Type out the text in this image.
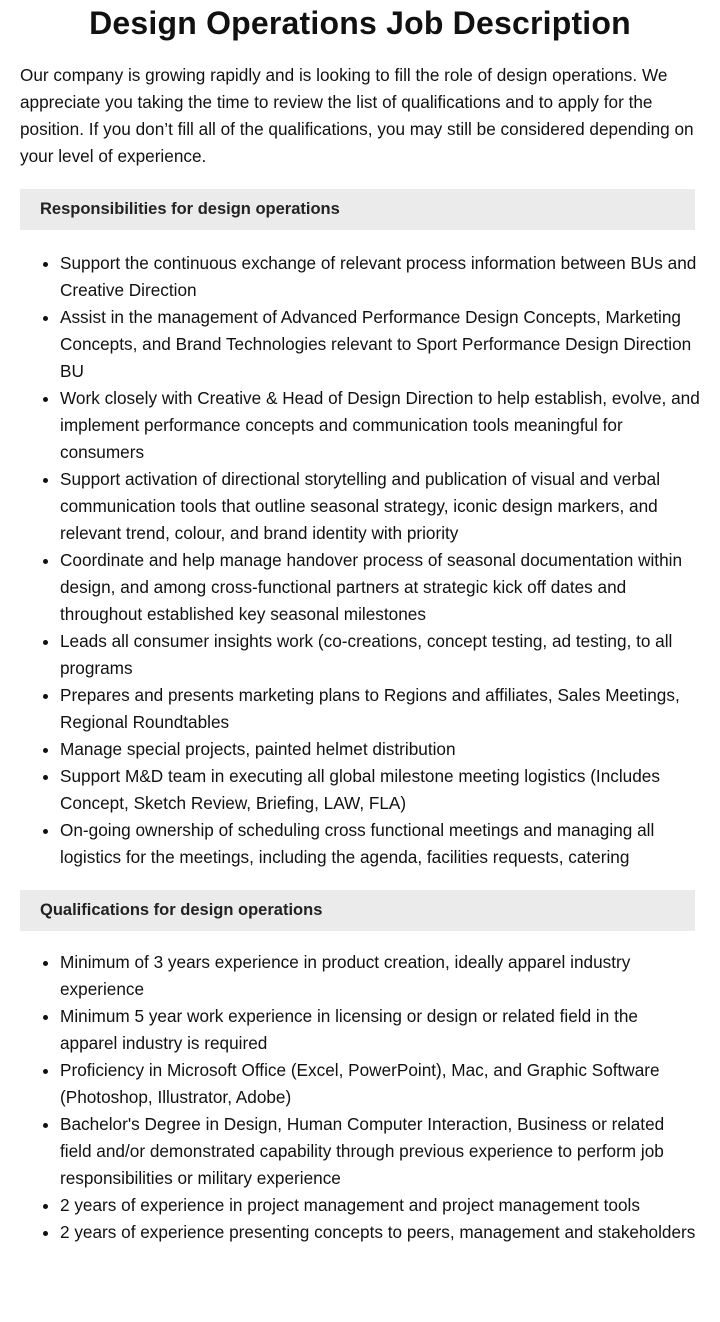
Design Operations Job Description

Our company is growing rapidly and is looking to fill the role of design operations. We appreciate you taking the time to review the list of qualifications and to apply for the position. If you don’t fill all of the qualifications, you may still be considered depending on your level of experience.

Responsibilities for design operations
• Support the continuous exchange of relevant process information between BUs and Creative Direction
• Assist in the management of Advanced Performance Design Concepts, Marketing Concepts, and Brand Technologies relevant to Sport Performance Design Direction BU
• Work closely with Creative & Head of Design Direction to help establish, evolve, and implement performance concepts and communication tools meaningful for consumers
• Support activation of directional storytelling and publication of visual and verbal communication tools that outline seasonal strategy, iconic design markers, and relevant trend, colour, and brand identity with priority
• Coordinate and help manage handover process of seasonal documentation within design, and among cross-functional partners at strategic kick off dates and throughout established key seasonal milestones
• Leads all consumer insights work (co-creations, concept testing, ad testing, to all programs
• Prepares and presents marketing plans to Regions and affiliates, Sales Meetings, Regional Roundtables
• Manage special projects, painted helmet distribution
• Support M&D team in executing all global milestone meeting logistics (Includes Concept, Sketch Review, Briefing, LAW, FLA)
• On-going ownership of scheduling cross functional meetings and managing all logistics for the meetings, including the agenda, facilities requests, catering
Qualifications for design operations
• Minimum of 3 years experience in product creation, ideally apparel industry experience
• Minimum 5 year work experience in licensing or design or related field in the apparel industry is required
• Proficiency in Microsoft Office (Excel, PowerPoint), Mac, and Graphic Software (Photoshop, Illustrator, Adobe)
• Bachelor's Degree in Design, Human Computer Interaction, Business or related field and/or demonstrated capability through previous experience to perform job responsibilities or military experience
• 2 years of experience in project management and project management tools
• 2 years of experience presenting concepts to peers, management and stakeholders
